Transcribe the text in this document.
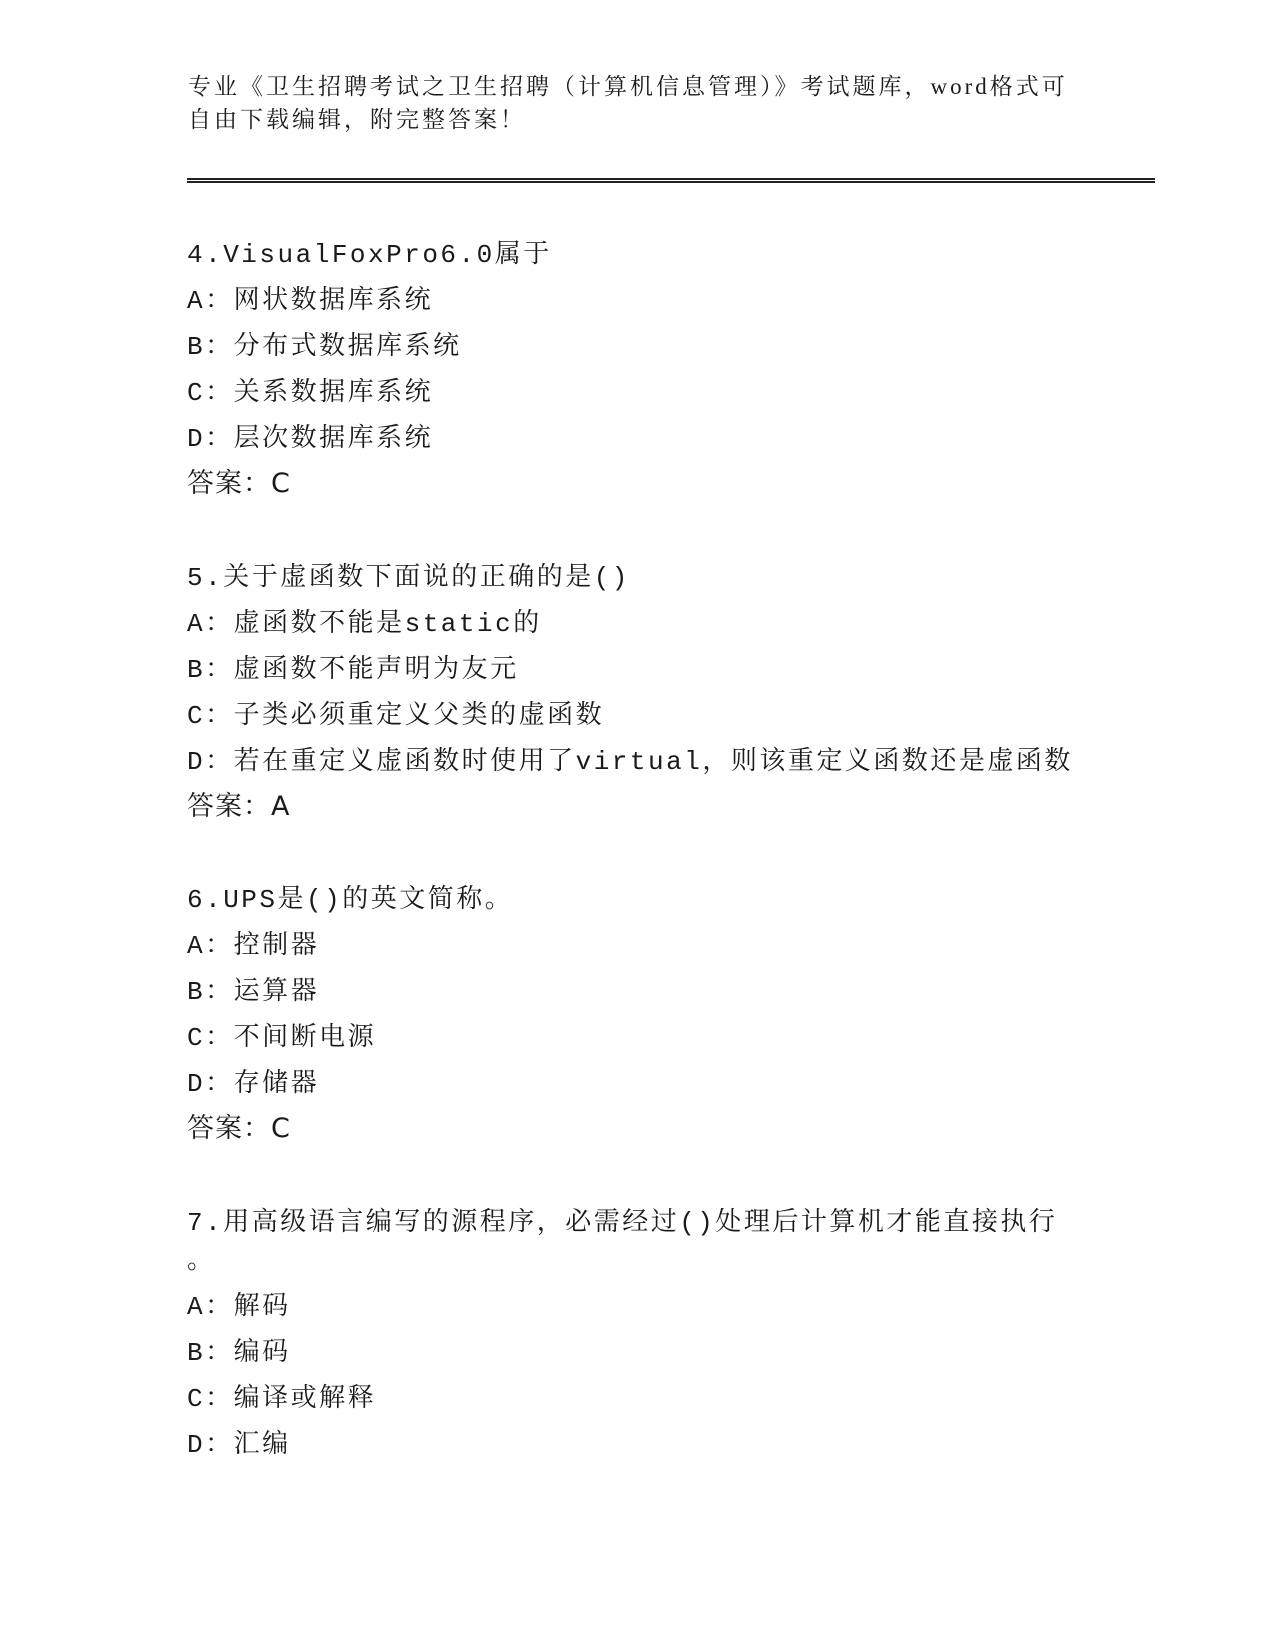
专业《卫生招聘考试之卫生招聘（计算机信息管理）》考试题库，word格式可自由下载编辑，附完整答案！

4.VisualFoxPro6.0属于

A：网状数据库系统

B：分布式数据库系统

C：关系数据库系统

D：层次数据库系统

答案：C

5.关于虚函数下面说的正确的是()

A：虚函数不能是static的

B：虚函数不能声明为友元

C：子类必须重定义父类的虚函数

D：若在重定义虚函数时使用了virtual，则该重定义函数还是虚函数

答案：A

6.UPS是()的英文简称。

A：控制器

B：运算器

C：不间断电源

D：存储器

答案：C

7.用高级语言编写的源程序，必需经过()处理后计算机才能直接执行

。

A：解码

B：编码

C：编译或解释

D：汇编
